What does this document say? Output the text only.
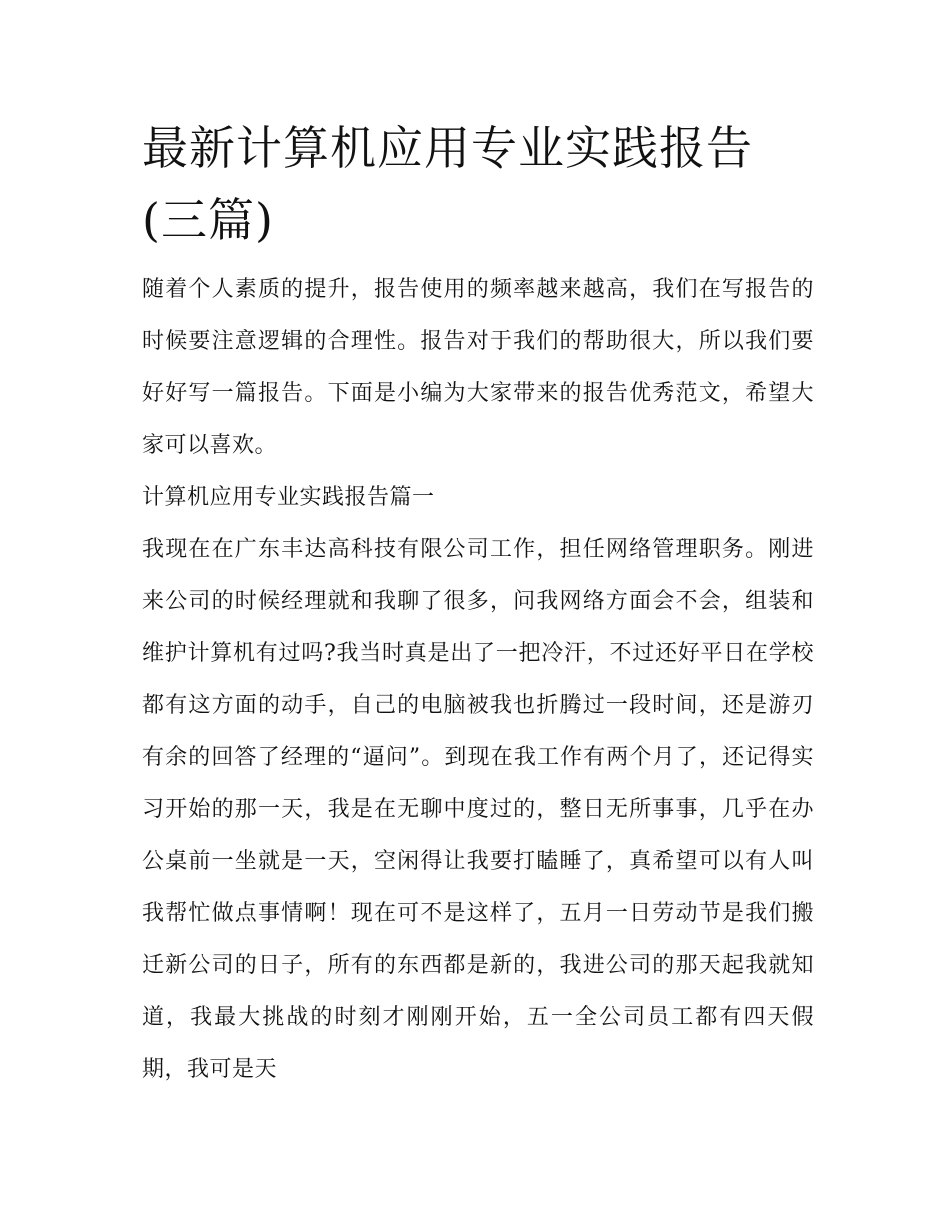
最新计算机应用专业实践报告(三篇)

随着个人素质的提升，报告使用的频率越来越高，我们在写报告的时候要注意逻辑的合理性。报告对于我们的帮助很大，所以我们要好好写一篇报告。下面是小编为大家带来的报告优秀范文，希望大家可以喜欢。

计算机应用专业实践报告篇一

我现在在广东丰达高科技有限公司工作，担任网络管理职务。刚进来公司的时候经理就和我聊了很多，问我网络方面会不会，组装和维护计算机有过吗?我当时真是出了一把冷汗，不过还好平日在学校都有这方面的动手，自己的电脑被我也折腾过一段时间，还是游刃有余的回答了经理的“逼问”。到现在我工作有两个月了，还记得实习开始的那一天，我是在无聊中度过的，整日无所事事，几乎在办公桌前一坐就是一天，空闲得让我要打瞌睡了，真希望可以有人叫我帮忙做点事情啊！现在可不是这样了，五月一日劳动节是我们搬迁新公司的日子，所有的东西都是新的，我进公司的那天起我就知道，我最大挑战的时刻才刚刚开始，五一全公司员工都有四天假期，我可是天
